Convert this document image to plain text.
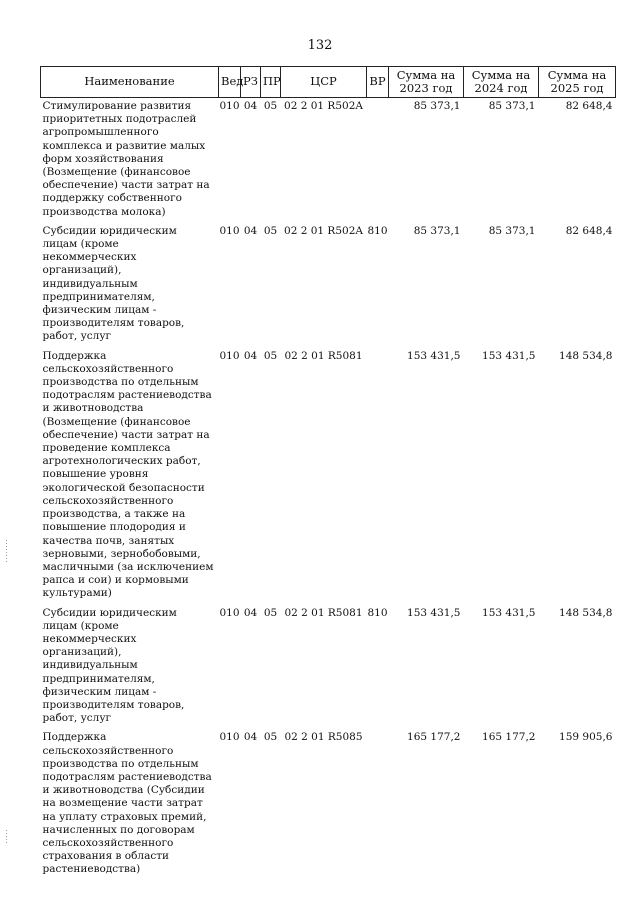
132
Наименование	Вед	РЗ	ПР	ЦСР	ВР	Сумма на 2023 год	Сумма на 2024 год	Сумма на 2025 год
Стимулирование развития приоритетных подотраслей агропромышленного комплекса и развитие малых форм хозяйствования (Возмещение (финансовое обеспечение) части затрат на поддержку собственного производства молока)	010	04	05	02 2 01 R502A		85 373,1	85 373,1	82 648,4
Субсидии юридическим лицам (кроме некоммерческих организаций), индивидуальным предпринимателям, физическим лицам - производителям товаров, работ, услуг	010	04	05	02 2 01 R502A	810	85 373,1	85 373,1	82 648,4
Поддержка сельскохозяйственного производства по отдельным подотраслям растениеводства и животноводства (Возмещение (финансовое обеспечение) части затрат на проведение комплекса агротехнологических работ, повышение уровня экологической безопасности сельскохозяйственного производства, а также на повышение плодородия и качества почв, занятых зерновыми, зернобобовыми, масличными (за исключением рапса и сои) и кормовыми культурами)	010	04	05	02 2 01 R5081		153 431,5	153 431,5	148 534,8
Субсидии юридическим лицам (кроме некоммерческих организаций), индивидуальным предпринимателям, физическим лицам - производителям товаров, работ, услуг	010	04	05	02 2 01 R5081	810	153 431,5	153 431,5	148 534,8
Поддержка сельскохозяйственного производства по отдельным подотраслям растениеводства и животноводства (Субсидии на возмещение части затрат на уплату страховых премий, начисленных по договорам сельскохозяйственного страхования в области растениеводства)	010	04	05	02 2 01 R5085		165 177,2	165 177,2	159 905,6
